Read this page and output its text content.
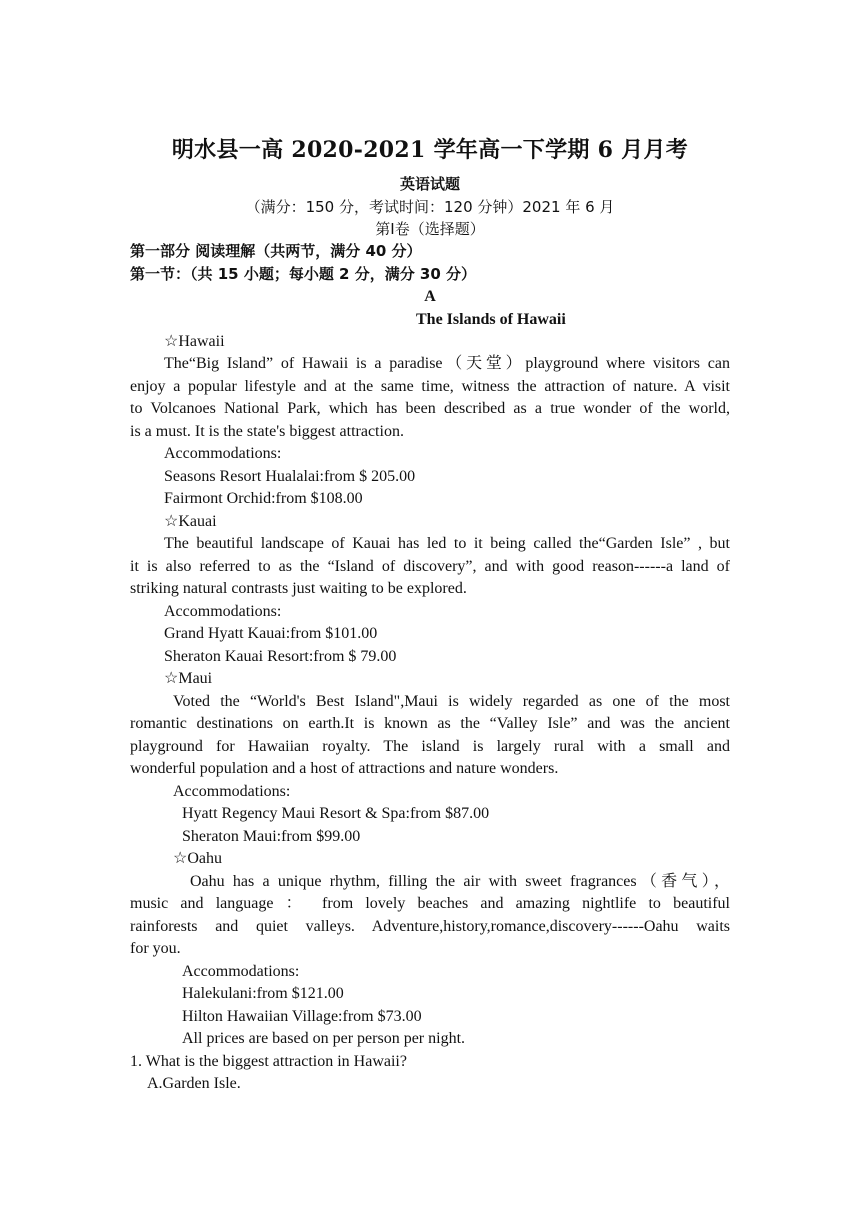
明水县一高 2020-2021 学年高一下学期 6 月月考
英语试题
（满分：150 分，考试时间：120 分钟）2021 年 6 月
第Ⅰ卷（选择题）
第一部分 阅读理解（共两节，满分 40 分）
第一节：（共 15 小题；每小题 2 分，满分 30 分）
A
The Islands of Hawaii
☆Hawaii
The“Big Island” of Hawaii is a paradise（天堂）playground where visitors can
enjoy a popular lifestyle and at the same time, witness the attraction of nature. A visit
to Volcanoes National Park, which has been described as a true wonder of the world,
is a must. It is the state's biggest attraction.
Accommodations:
Seasons Resort Hualalai:from $ 205.00
Fairmont Orchid:from $108.00
☆Kauai
The beautiful landscape of Kauai has led to it being called the“Garden Isle” , but
it is also referred to as the “Island of discovery”, and with good reason------a land of
striking natural contrasts just waiting to be explored.
Accommodations:
Grand Hyatt Kauai:from $101.00
Sheraton Kauai Resort:from $ 79.00
☆Maui
Voted the “World's Best Island",Maui is widely regarded as one of the most
romantic destinations on earth.It is known as the “Valley Isle” and was the ancient
playground for Hawaiian royalty. The island is largely rural with a small and
wonderful population and a host of attractions and nature wonders.
Accommodations:
Hyatt Regency Maui Resort & Spa:from $87.00
Sheraton Maui:from $99.00
☆Oahu
Oahu has a unique rhythm, filling the air with sweet fragrances（香气），
music and language ： from lovely beaches and amazing nightlife to beautiful
rainforests and quiet valleys. Adventure,history,romance,discovery------Oahu waits
for you.
Accommodations:
Halekulani:from $121.00
Hilton Hawaiian Village:from $73.00
All prices are based on per person per night.
1. What is the biggest attraction in Hawaii?
A.Garden Isle.
